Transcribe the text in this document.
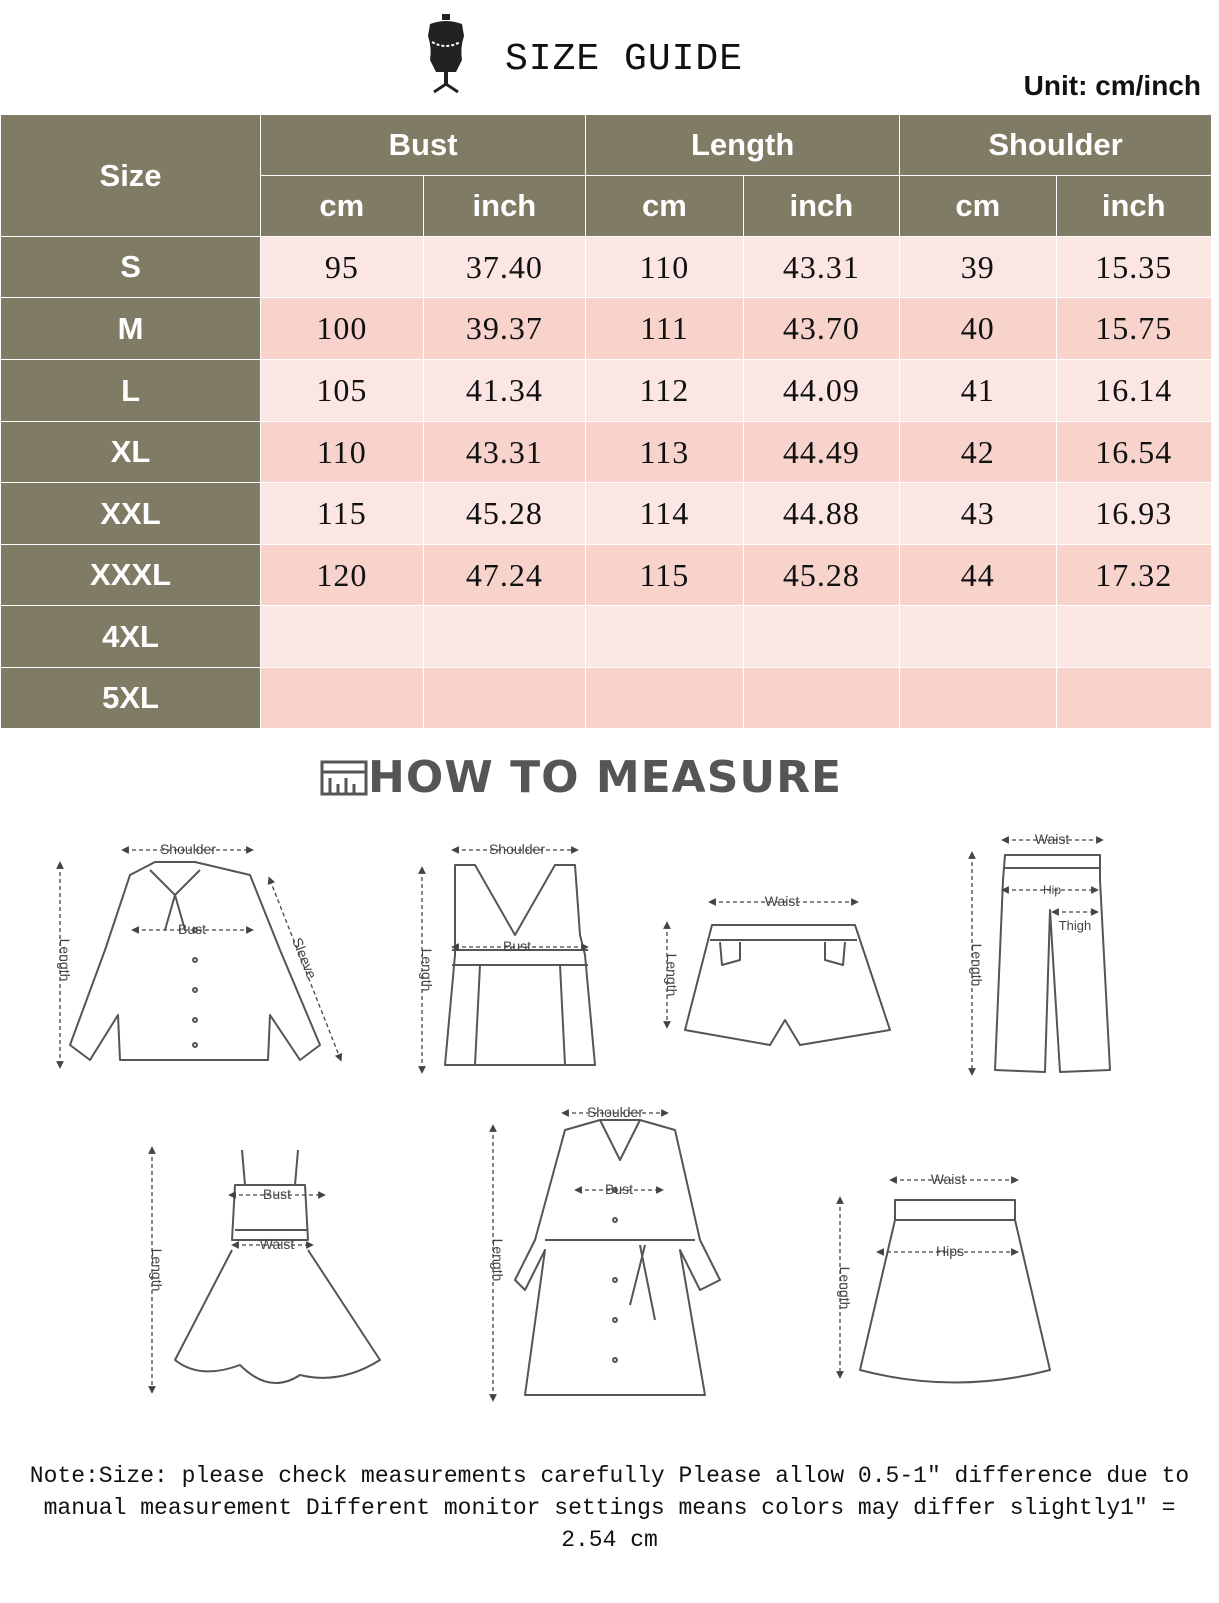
SIZE GUIDE
Unit: cm/inch
Size	Bust		Length		Shoulder	
	cm	inch	cm	inch	cm	inch
S	95	37.40	110	43.31	39	15.35
M	100	39.37	111	43.70	40	15.75
L	105	41.34	112	44.09	41	16.14
XL	110	43.31	113	44.49	42	16.54
XXL	115	45.28	114	44.88	43	16.93
XXXL	120	47.24	115	45.28	44	17.32
4XL						
5XL						
HOW TO MEASURE
Shoulder
Bust
Length	Sleeve
Shoulder
Bust
Length
Waist
Length
Waist
Hip
Thigh
Length
Bust
Waist
Length
Shoulder
Bust
Length
Waist
Hips
Length
Note:Size: please check measurements carefully Please allow 0.5-1″ difference due to manual measurement Different monitor settings means colors may differ slightly1″ = 2.54 cm
